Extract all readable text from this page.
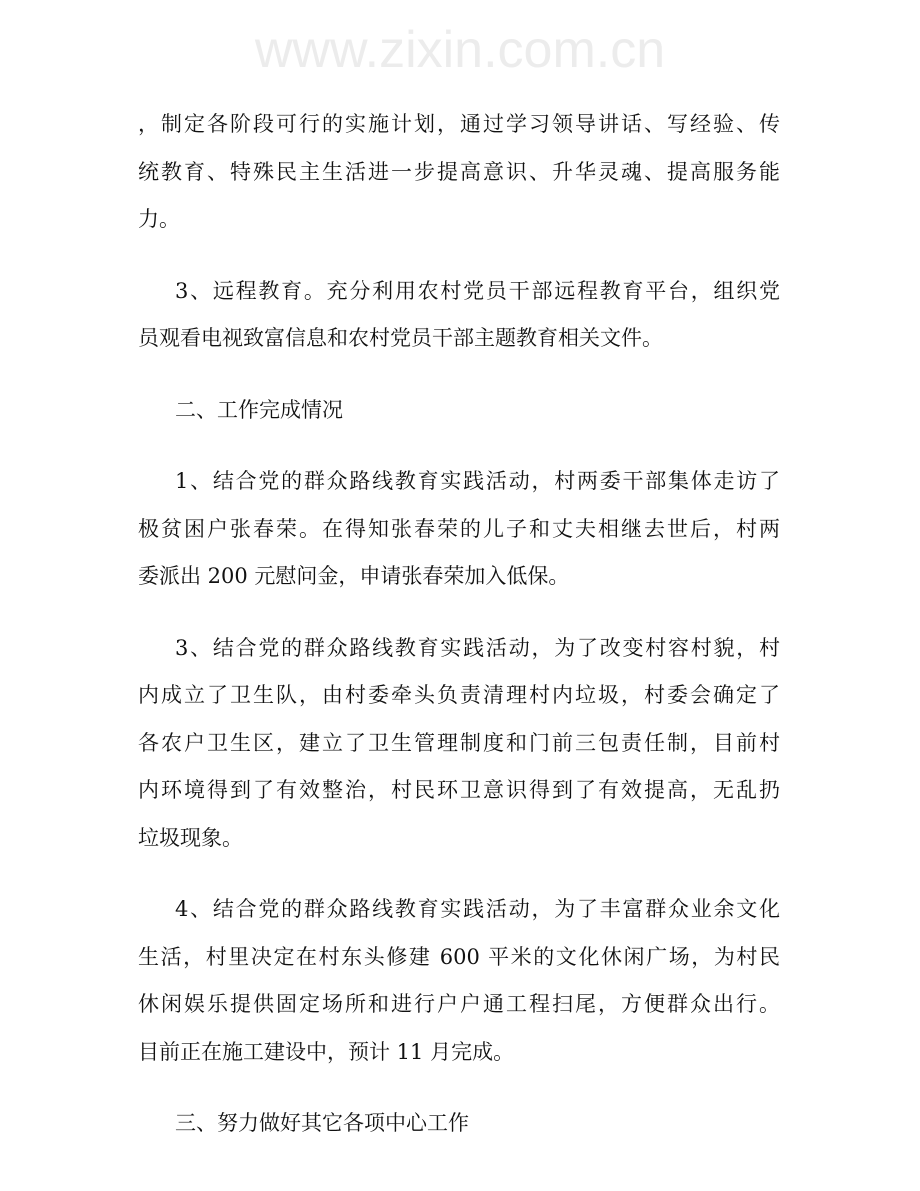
www.zixin.com.cn
，制定各阶段可行的实施计划，通过学习领导讲话、写经验、传
统教育、特殊民主生活进一步提高意识、升华灵魂、提高服务能
力。
3、远程教育。充分利用农村党员干部远程教育平台，组织党
员观看电视致富信息和农村党员干部主题教育相关文件。
二、工作完成情况
1、结合党的群众路线教育实践活动，村两委干部集体走访了
极贫困户张春荣。在得知张春荣的儿子和丈夫相继去世后，村两
委派出 200 元慰问金，申请张春荣加入低保。
3、结合党的群众路线教育实践活动，为了改变村容村貌，村
内成立了卫生队，由村委牵头负责清理村内垃圾，村委会确定了
各农户卫生区，建立了卫生管理制度和门前三包责任制，目前村
内环境得到了有效整治，村民环卫意识得到了有效提高，无乱扔
垃圾现象。
4、结合党的群众路线教育实践活动，为了丰富群众业余文化
生活，村里决定在村东头修建 600 平米的文化休闲广场，为村民
休闲娱乐提供固定场所和进行户户通工程扫尾，方便群众出行。
目前正在施工建设中，预计 11 月完成。
三、努力做好其它各项中心工作
